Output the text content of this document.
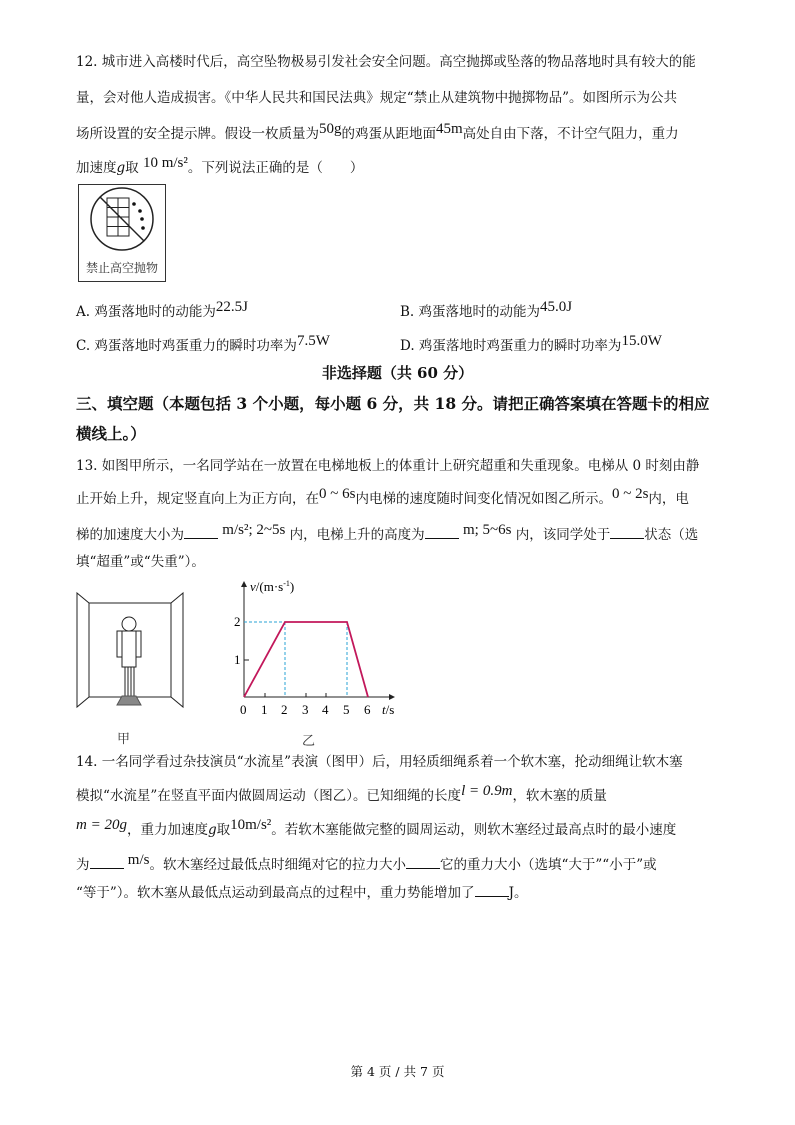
12. 城市进入高楼时代后，高空坠物极易引发社会安全问题。高空抛掷或坠落的物品落地时具有较大的能
量，会对他人造成损害。《中华人民共和国民法典》规定“禁止从建筑物中抛掷物品”。如图所示为公共
场所设置的安全提示牌。假设一枚质量为50g的鸡蛋从距地面45m高处自由下落，不计空气阻力，重力
加速度g取 10 m/s²。下列说法正确的是（　　）
禁止高空抛物
A. 鸡蛋落地时的动能为22.5J	B. 鸡蛋落地时的动能为45.0J
C. 鸡蛋落地时鸡蛋重力的瞬时功率为7.5W	D. 鸡蛋落地时鸡蛋重力的瞬时功率为15.0W
非选择题（共 60 分）
三、填空题（本题包括 3 个小题，每小题 6 分，共 18 分。请把正确答案填在答题卡的相应
横线上。）
13. 如图甲所示，一名同学站在一放置在电梯地板上的体重计上研究超重和失重现象。电梯从 0 时刻由静
止开始上升，规定竖直向上为正方向，在0 ~ 6s内电梯的速度随时间变化情况如图乙所示。0 ~ 2s内，电
梯的加速度大小为	m/s²; 2~5s 内，电梯上升的高度为	m; 5~6s 内，该同学处于	状态（选
填“超重”或“失重”）。
甲
$v/(m\cdot s^{-1})$
2
1
0 1 2 3 4 5 6 t/s
乙
14. 一名同学看过杂技演员“水流星”表演（图甲）后，用轻质细绳系着一个软木塞，抡动细绳让软木塞
模拟“水流星”在竖直平面内做圆周运动（图乙）。已知细绳的长度l = 0.9m，软木塞的质量
m = 20g，重力加速度g取10m/s²。若软木塞能做完整的圆周运动，则软木塞经过最高点时的最小速度
为	m/s。软木塞经过最低点时细绳对它的拉力大小	它的重力大小（选填“大于”“小于”或
“等于”）。软木塞从最低点运动到最高点的过程中，重力势能增加了	J。
第 4 页 / 共 7 页
